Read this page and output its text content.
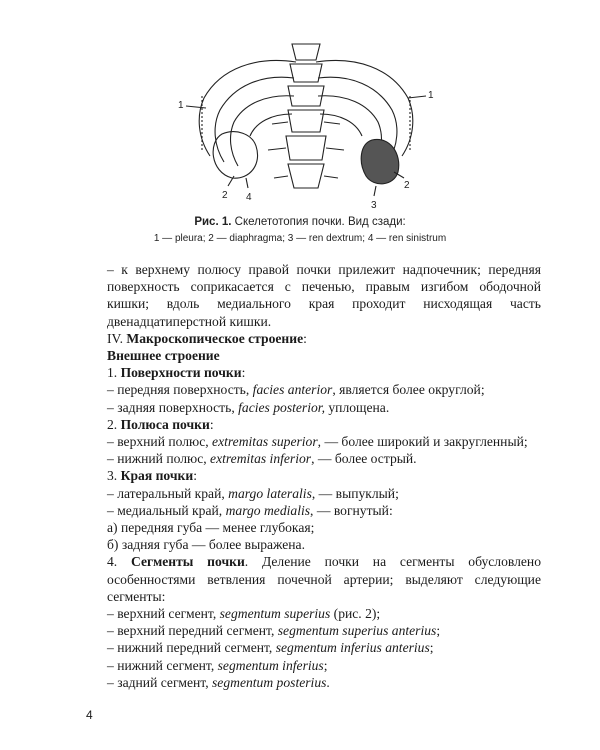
1
1
2 4
3
2
Рис. 1. Скелетотопия почки. Вид сзади:
1 — pleura; 2 — diaphragma; 3 — ren dextrum; 4 — ren sinistrum

– к верхнему полюсу правой почки прилежит надпочечник; передняя поверхность соприкасается с печенью, правым изгибом ободочной кишки; вдоль медиального края проходит нисходящая часть двенадцатиперстной кишки.

IV. Макроскопическое строение:

Внешнее строение

1. Поверхности почки:

– передняя поверхность, facies anterior, является более округлой;

– задняя поверхность, facies posterior, уплощена.

2. Полюса почки:

– верхний полюс, extremitas superior, — более широкий и закругленный;

– нижний полюс, extremitas inferior, — более острый.

3. Края почки:

– латеральный край, margo lateralis, — выпуклый;

– медиальный край, margo medialis, — вогнутый:

а) передняя губа — менее глубокая;

б) задняя губа — более выражена.

4. Сегменты почки. Деление почки на сегменты обусловлено особенностями ветвления почечной артерии; выделяют следующие сегменты:

– верхний сегмент, segmentum superius (рис. 2);

– верхний передний сегмент, segmentum superius anterius;

– нижний передний сегмент, segmentum inferius anterius;

– нижний сегмент, segmentum inferius;

– задний сегмент, segmentum posterius.

4
